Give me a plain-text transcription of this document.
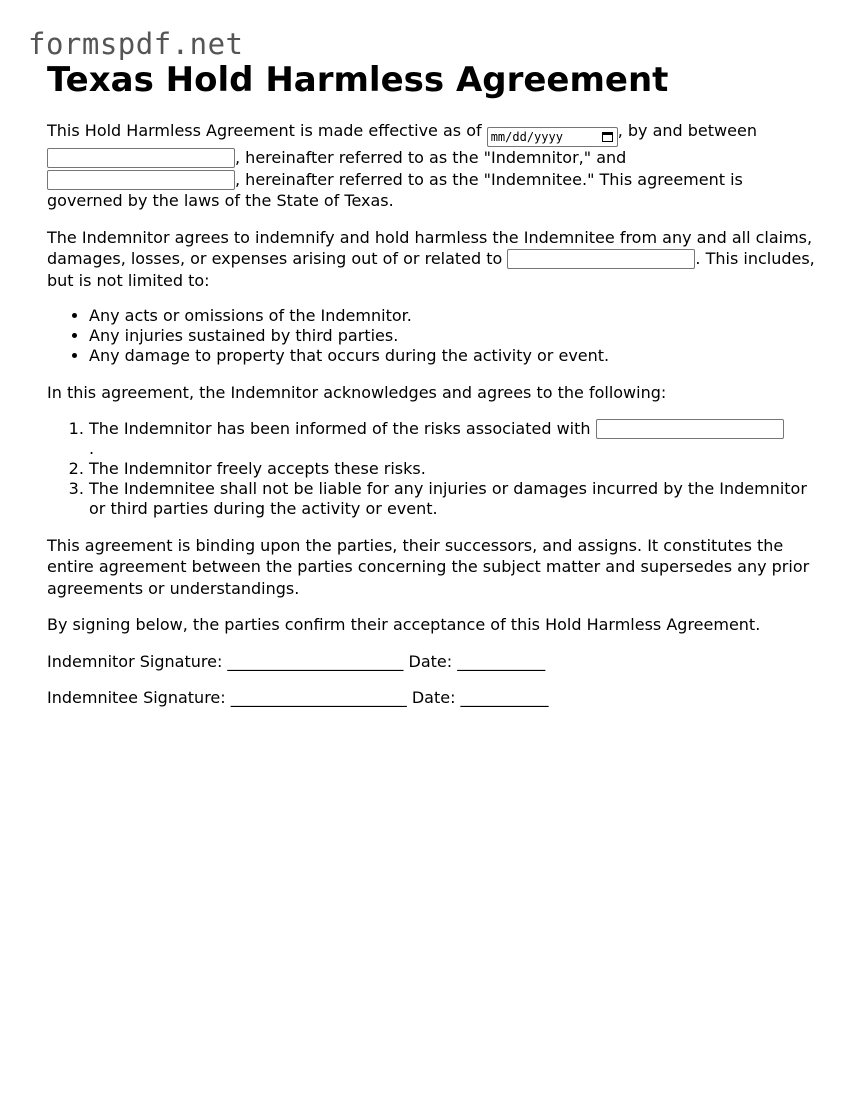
formspdf.net
Texas Hold Harmless Agreement

This Hold Harmless Agreement is made effective as of mm/dd/yyyy	, by and between
, hereinafter referred to as the "Indemnitor," and
, hereinafter referred to as the "Indemnitee." This agreement is governed by the laws of the State of Texas.

The Indemnitor agrees to indemnify and hold harmless the Indemnitee from any and all claims, damages, losses, or expenses arising out of or related to	. This includes, but is not limited to:

• Any acts or omissions of the Indemnitor.
• Any injuries sustained by third parties.
• Any damage to property that occurs during the activity or event.

In this agreement, the Indemnitor acknowledges and agrees to the following:

1. The Indemnitor has been informed of the risks associated with
.
2. The Indemnitor freely accepts these risks.
3. The Indemnitee shall not be liable for any injuries or damages incurred by the Indemnitor or third parties during the activity or event.

This agreement is binding upon the parties, their successors, and assigns. It constitutes the entire agreement between the parties concerning the subject matter and supersedes any prior agreements or understandings.

By signing below, the parties confirm their acceptance of this Hold Harmless Agreement.

Indemnitor Signature: ______________________ Date: ___________

Indemnitee Signature: ______________________ Date: ___________
